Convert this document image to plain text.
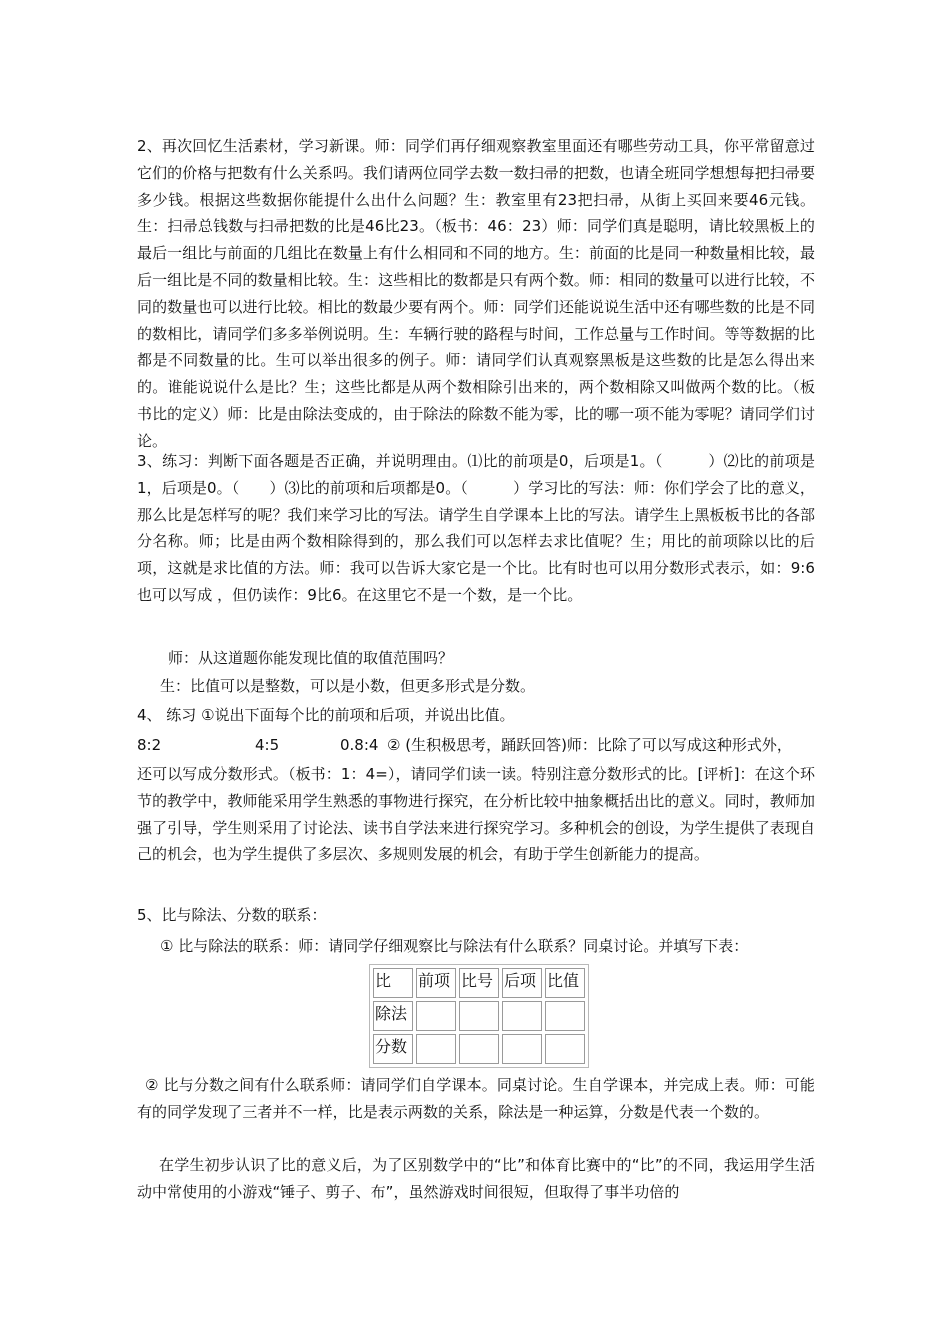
2、再次回忆生活素材，学习新课。师：同学们再仔细观察教室里面还有哪些劳动工具，你平常留意过它们的价格与把数有什么关系吗。我们请两位同学去数一数扫帚的把数，也请全班同学想想每把扫帚要多少钱。根据这些数据你能提什么出什么问题？生：教室里有23把扫帚，从街上买回来要46元钱。生：扫帚总钱数与扫帚把数的比是46比23。（板书：46：23）师：同学们真是聪明，请比较黑板上的最后一组比与前面的几组比在数量上有什么相同和不同的地方。生：前面的比是同一种数量相比较，最后一组比是不同的数量相比较。生：这些相比的数都是只有两个数。师：相同的数量可以进行比较，不同的数量也可以进行比较。相比的数最少要有两个。师：同学们还能说说生活中还有哪些数的比是不同的数相比，请同学们多多举例说明。生：车辆行驶的路程与时间，工作总量与工作时间。等等数据的比都是不同数量的比。生可以举出很多的例子。师：请同学们认真观察黑板是这些数的比是怎么得出来的。谁能说说什么是比？生；这些比都是从两个数相除引出来的，两个数相除又叫做两个数的比。（板书比的定义）师：比是由除法变成的，由于除法的除数不能为零，比的哪一项不能为零呢？请同学们讨论。

3、练习：判断下面各题是否正确，并说明理由。⑴比的前项是0，后项是1。（　　　）⑵比的前项是1，后项是0。（　　）⑶比的前项和后项都是0。（　　　）学习比的写法：师：你们学会了比的意义，那么比是怎样写的呢？我们来学习比的写法。请学生自学课本上比的写法。请学生上黑板板书比的各部分名称。师；比是由两个数相除得到的，那么我们可以怎样去求比值呢？生；用比的前项除以比的后项，这就是求比值的方法。师：我可以告诉大家它是一个比。比有时也可以用分数形式表示，如：9:6也可以写成 ，但仍读作：9比6。在这里它不是一个数，是一个比。

师：从这道题你能发现比值的取值范围吗？

生：比值可以是整数，可以是小数，但更多形式是分数。

4、 练习 ①说出下面每个比的前项和后项，并说出比值。

8:2	4:5	0.8:4 ② (生积极思考，踊跃回答)师：比除了可以写成这种形式外，

还可以写成分数形式。（板书：1：4=），请同学们读一读。特别注意分数形式的比。[评析]：在这个环节的教学中，教师能采用学生熟悉的事物进行探究，在分析比较中抽象概括出比的意义。同时，教师加强了引导，学生则采用了讨论法、读书自学法来进行探究学习。多种机会的创设，为学生提供了表现自己的机会，也为学生提供了多层次、多规则发展的机会，有助于学生创新能力的提高。

5、比与除法、分数的联系：

① 比与除法的联系：师：请同学仔细观察比与除法有什么联系？同桌讨论。并填写下表：

比	前项	比号	后项	比值
除法				
分数				

② 比与分数之间有什么联系师：请同学们自学课本。同桌讨论。生自学课本，并完成上表。师：可能有的同学发现了三者并不一样，比是表示两数的关系，除法是一种运算，分数是代表一个数的。

在学生初步认识了比的意义后，为了区别数学中的“比”和体育比赛中的“比”的不同，我运用学生活动中常使用的小游戏“锤子、剪子、布”，虽然游戏时间很短，但取得了事半功倍的
